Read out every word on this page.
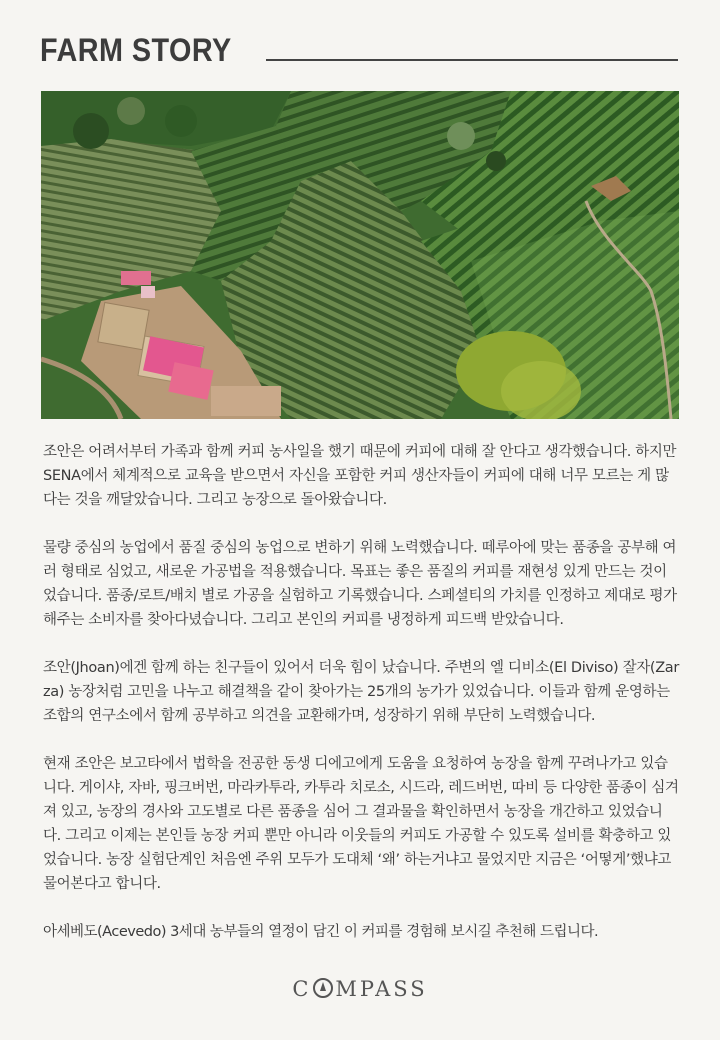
FARM STORY

조안은 어려서부터 가족과 함께 커피 농사일을 했기 때문에 커피에 대해 잘 안다고 생각했습니다. 하지만 SENA에서 체계적으로 교육을 받으면서 자신을 포함한 커피 생산자들이 커피에 대해 너무 모르는 게 많다는 것을 깨달았습니다. 그리고 농장으로 돌아왔습니다.

물량 중심의 농업에서 품질 중심의 농업으로 변하기 위해 노력했습니다. 떼루아에 맞는 품종을 공부해 여러 형태로 심었고, 새로운 가공법을 적용했습니다. 목표는 좋은 품질의 커피를 재현성 있게 만드는 것이었습니다. 품종/로트/배치 별로 가공을 실험하고 기록했습니다. 스페셜티의 가치를 인정하고 제대로 평가해주는 소비자를 찾아다녔습니다. 그리고 본인의 커피를 냉정하게 피드백 받았습니다.

조안(Jhoan)에겐 함께 하는 친구들이 있어서 더욱 힘이 났습니다. 주변의 엘 디비소(El Diviso) 잘자(Zarza) 농장처럼 고민을 나누고 해결책을 같이 찾아가는 25개의 농가가 있었습니다. 이들과 함께 운영하는 조합의 연구소에서 함께 공부하고 의견을 교환해가며, 성장하기 위해 부단히 노력했습니다.

현재 조안은 보고타에서 법학을 전공한 동생 디에고에게 도움을 요청하여 농장을 함께 꾸려나가고 있습니다. 게이샤, 자바, 핑크버번, 마라카투라, 카투라 치로소, 시드라, 레드버번, 따비 등 다양한 품종이 심겨져 있고, 농장의 경사와 고도별로 다른 품종을 심어 그 결과물을 확인하면서 농장을 개간하고 있었습니다. 그리고 이제는 본인들 농장 커피 뿐만 아니라 이웃들의 커피도 가공할 수 있도록 설비를 확충하고 있었습니다. 농장 실험단계인 처음엔 주위 모두가 도대체 ‘왜’ 하는거냐고 물었지만 지금은 ‘어떻게’했냐고 물어본다고 합니다.

아세베도(Acevedo) 3세대 농부들의 열정이 담긴 이 커피를 경험해 보시길 추천해 드립니다.

C MPASS
